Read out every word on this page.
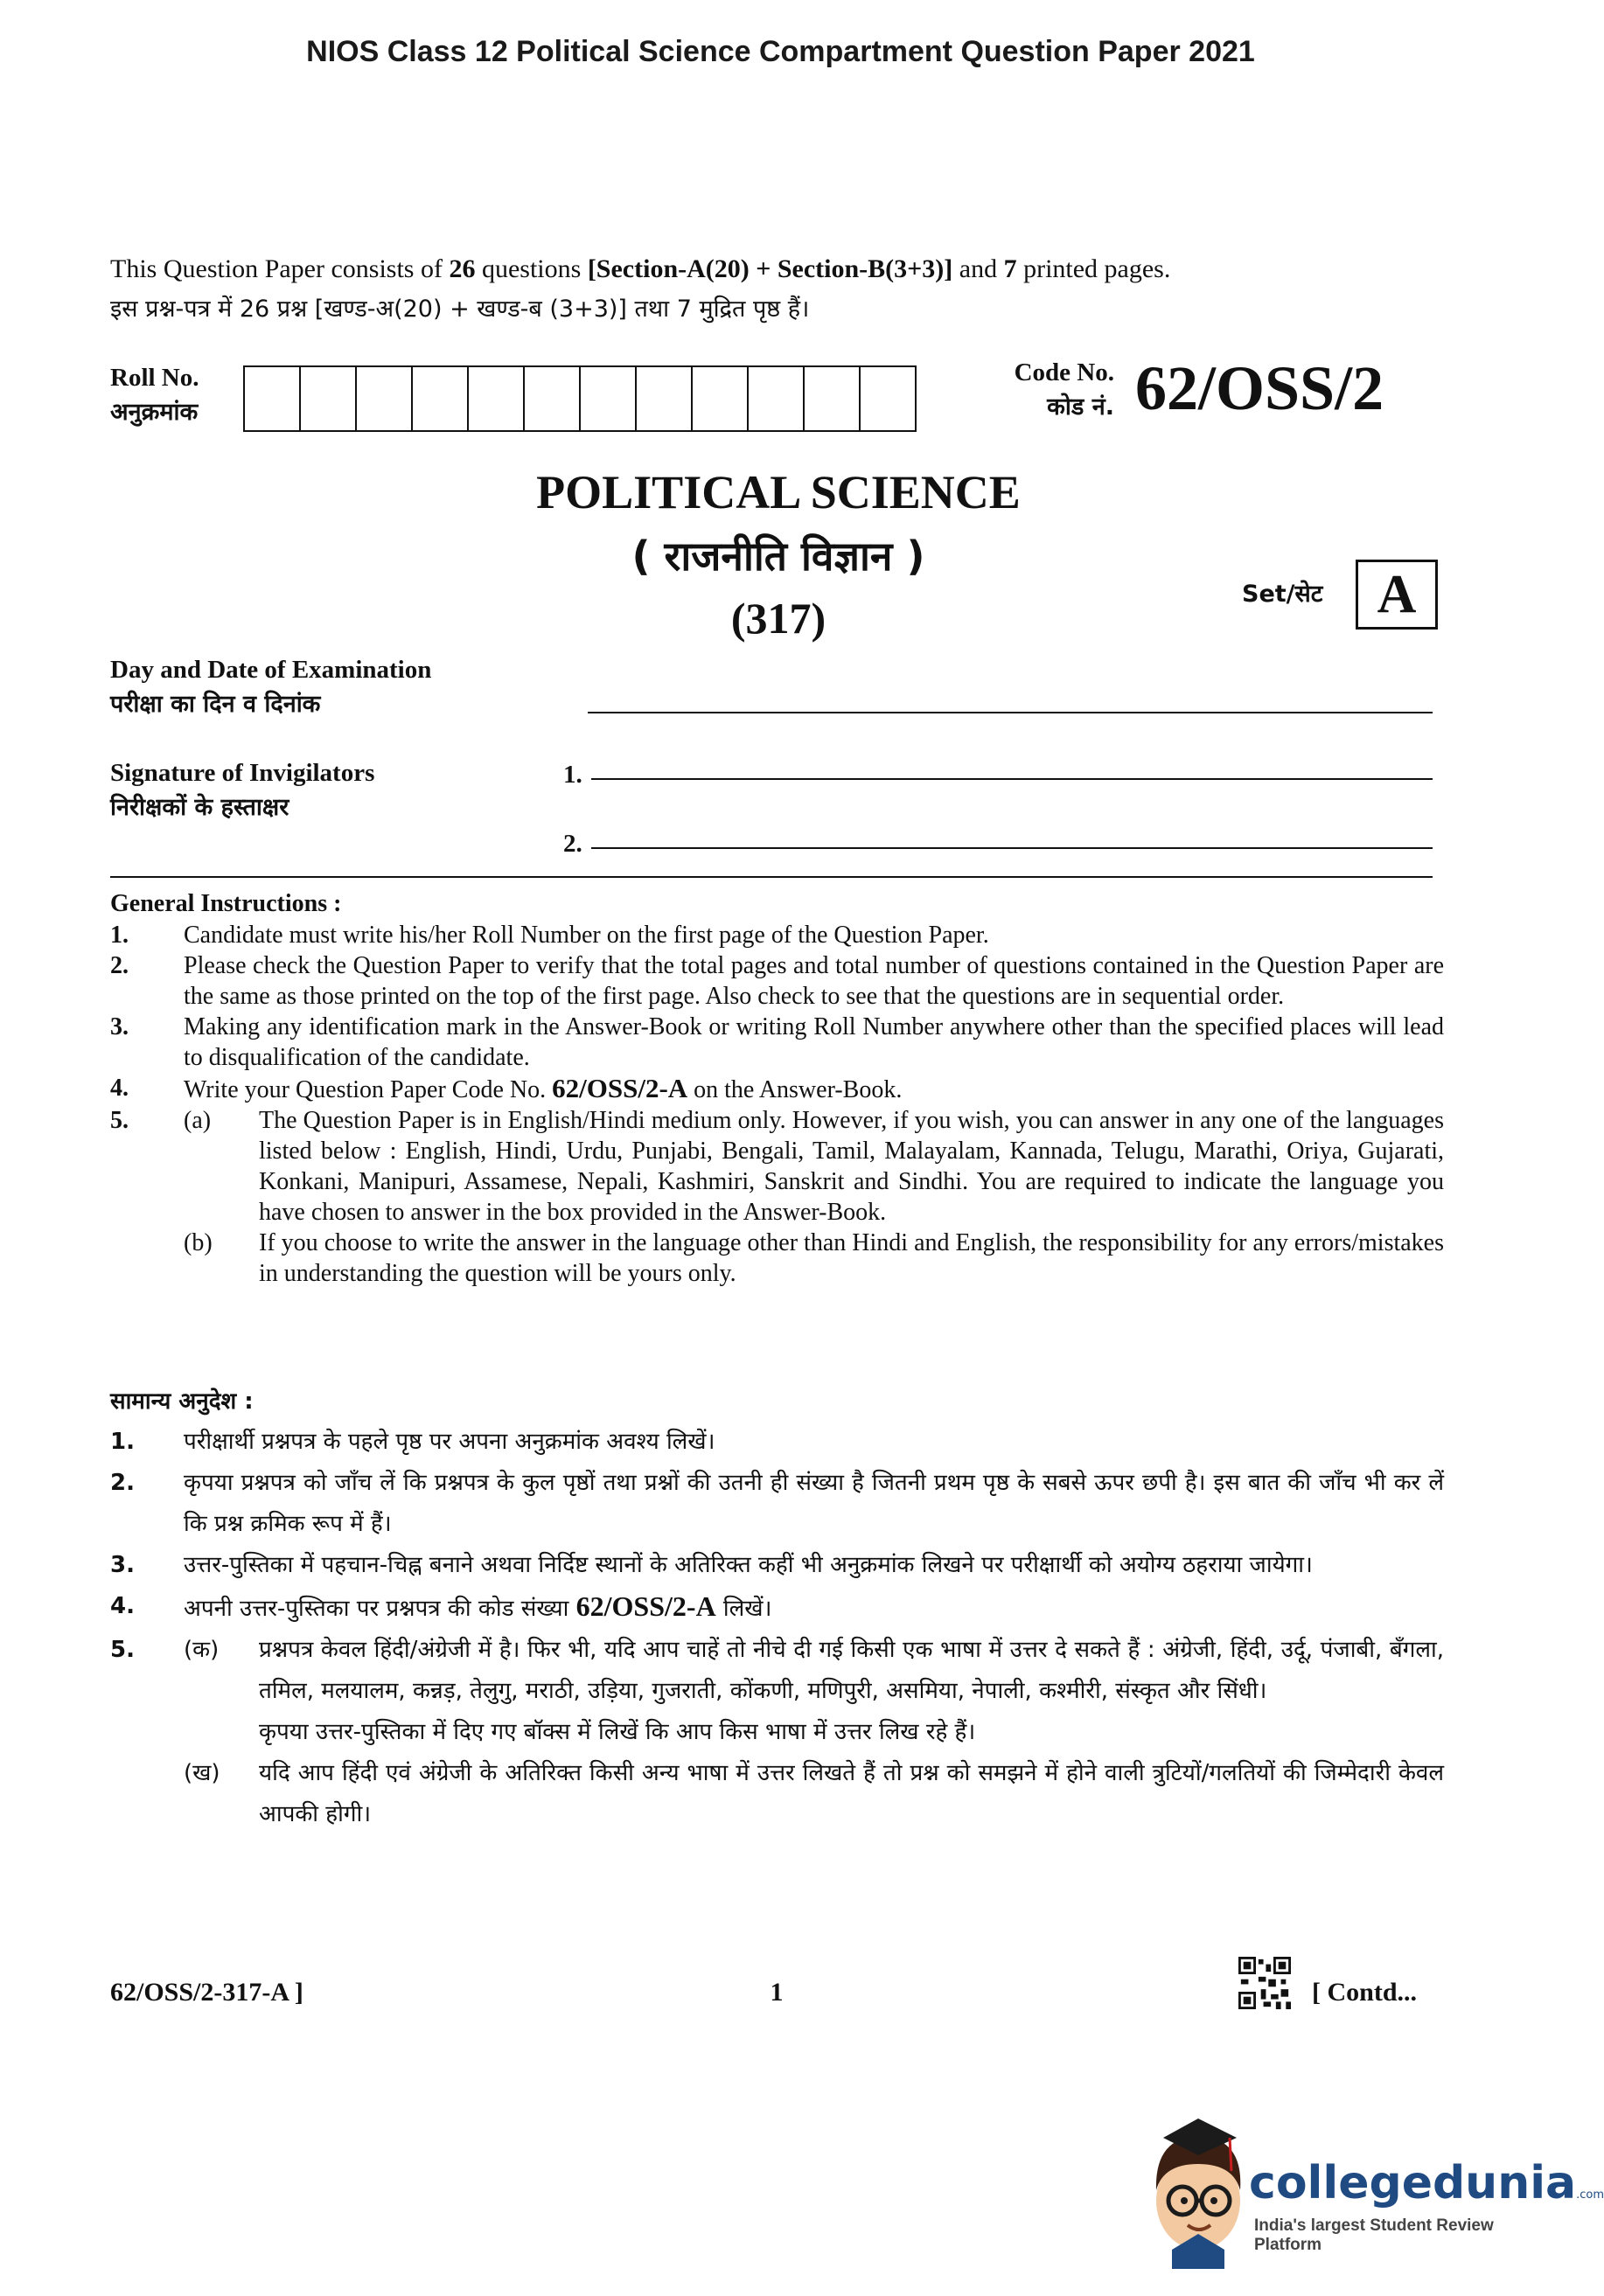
NIOS Class 12 Political Science Compartment Question Paper 2021
This Question Paper consists of 26 questions [Section-A(20) + Section-B(3+3)] and 7 printed pages.
इस प्रश्न-पत्र में 26 प्रश्न [खण्ड-अ(20) + खण्ड-ब (3+3)] तथा 7 मुद्रित पृष्ठ हैं।
Roll No.
अनुक्रमांक
Code No.
कोड नं. 62/OSS/2
POLITICAL SCIENCE
( राजनीति विज्ञान )
(317)	Set/सेट	A
Day and Date of Examination
परीक्षा का दिन व दिनांक
Signature of Invigilators
निरीक्षकों के हस्ताक्षर
1.
2.
General Instructions :
1.	Candidate must write his/her Roll Number on the first page of the Question Paper.
2.	Please check the Question Paper to verify that the total pages and total number of questions contained in the Question Paper are the same as those printed on the top of the first page. Also check to see that the questions are in sequential order.
3.	Making any identification mark in the Answer-Book or writing Roll Number anywhere other than the specified places will lead to disqualification of the candidate.
4.	Write your Question Paper Code No. 62/OSS/2-A on the Answer-Book.
5.	(a)	The Question Paper is in English/Hindi medium only. However, if you wish, you can answer in any one of the languages listed below : English, Hindi, Urdu, Punjabi, Bengali, Tamil, Malayalam, Kannada, Telugu, Marathi, Oriya, Gujarati, Konkani, Manipuri, Assamese, Nepali, Kashmiri, Sanskrit and Sindhi. You are required to indicate the language you have chosen to answer in the box provided in the Answer-Book.
(b)	If you choose to write the answer in the language other than Hindi and English, the responsibility for any errors/mistakes in understanding the question will be yours only.
सामान्य अनुदेश :
1.	परीक्षार्थी प्रश्नपत्र के पहले पृष्ठ पर अपना अनुक्रमांक अवश्य लिखें।
2.	कृपया प्रश्नपत्र को जाँच लें कि प्रश्नपत्र के कुल पृष्ठों तथा प्रश्नों की उतनी ही संख्या है जितनी प्रथम पृष्ठ के सबसे ऊपर छपी है। इस बात की जाँच भी कर लें कि प्रश्न क्रमिक रूप में हैं।
3.	उत्तर-पुस्तिका में पहचान-चिह्न बनाने अथवा निर्दिष्ट स्थानों के अतिरिक्त कहीं भी अनुक्रमांक लिखने पर परीक्षार्थी को अयोग्य ठहराया जायेगा।
4.	अपनी उत्तर-पुस्तिका पर प्रश्नपत्र की कोड संख्या 62/OSS/2-A लिखें।
5.	(क)	प्रश्नपत्र केवल हिंदी/अंग्रेजी में है। फिर भी, यदि आप चाहें तो नीचे दी गई किसी एक भाषा में उत्तर दे सकते हैं : अंग्रेजी, हिंदी, उर्दू, पंजाबी, बँगला, तमिल, मलयालम, कन्नड़, तेलुगु, मराठी, उड़िया, गुजराती, कोंकणी, मणिपुरी, असमिया, नेपाली, कश्मीरी, संस्कृत और सिंधी।
कृपया उत्तर-पुस्तिका में दिए गए बॉक्स में लिखें कि आप किस भाषा में उत्तर लिख रहे हैं।
(ख)	यदि आप हिंदी एवं अंग्रेजी के अतिरिक्त किसी अन्य भाषा में उत्तर लिखते हैं तो प्रश्न को समझने में होने वाली त्रुटियों/गलतियों की जिम्मेदारी केवल आपकी होगी।
62/OSS/2-317-A ]	1	[ Contd...
collegedunia.com
India's largest Student Review Platform
